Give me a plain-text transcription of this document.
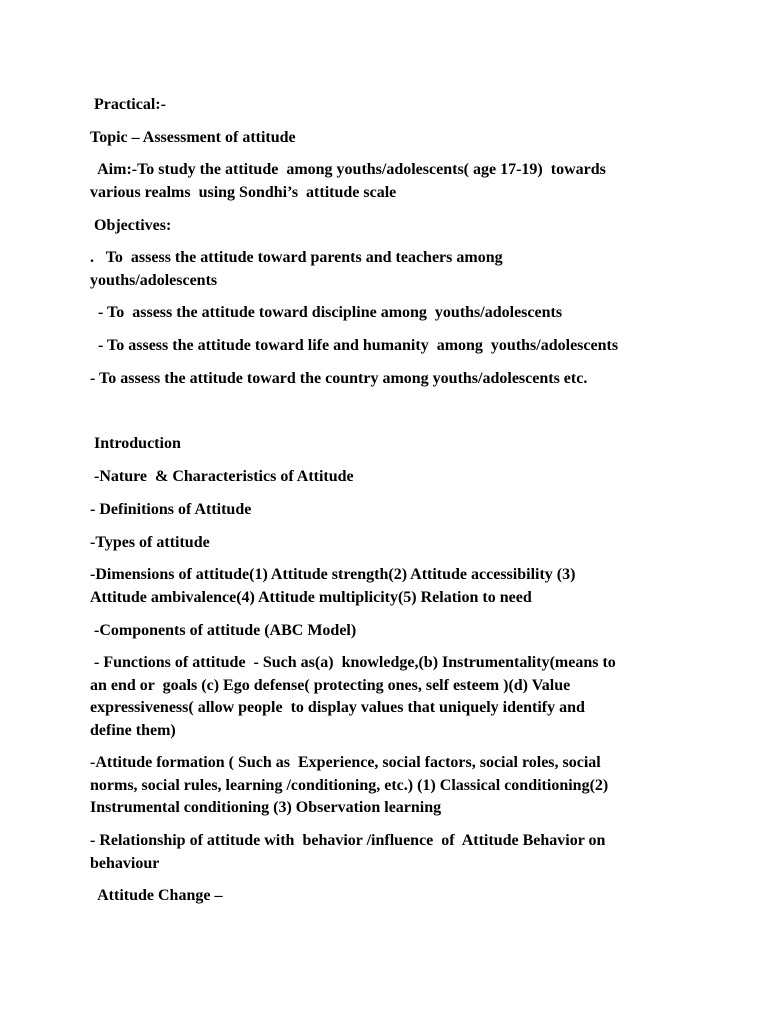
Practical:-
Topic – Assessment of attitude
Aim:-To study the attitude  among youths/adolescents( age 17-19)  towards
various realms  using Sondhi’s  attitude scale
Objectives:
.   To  assess the attitude toward parents and teachers among
youths/adolescents
- To  assess the attitude toward discipline among  youths/adolescents
- To assess the attitude toward life and humanity  among  youths/adolescents
- To assess the attitude toward the country among youths/adolescents etc.
Introduction
-Nature  & Characteristics of Attitude
- Definitions of Attitude
-Types of attitude
-Dimensions of attitude(1) Attitude strength(2) Attitude accessibility (3)
Attitude ambivalence(4) Attitude multiplicity(5) Relation to need
-Components of attitude (ABC Model)
- Functions of attitude  - Such as(a)  knowledge,(b) Instrumentality(means to
an end or  goals (c) Ego defense( protecting ones, self esteem )(d) Value
expressiveness( allow people  to display values that uniquely identify and
define them)
-Attitude formation ( Such as  Experience, social factors, social roles, social
norms, social rules, learning /conditioning, etc.) (1) Classical conditioning(2)
Instrumental conditioning (3) Observation learning
- Relationship of attitude with  behavior /influence  of  Attitude Behavior on
behaviour
Attitude Change –
